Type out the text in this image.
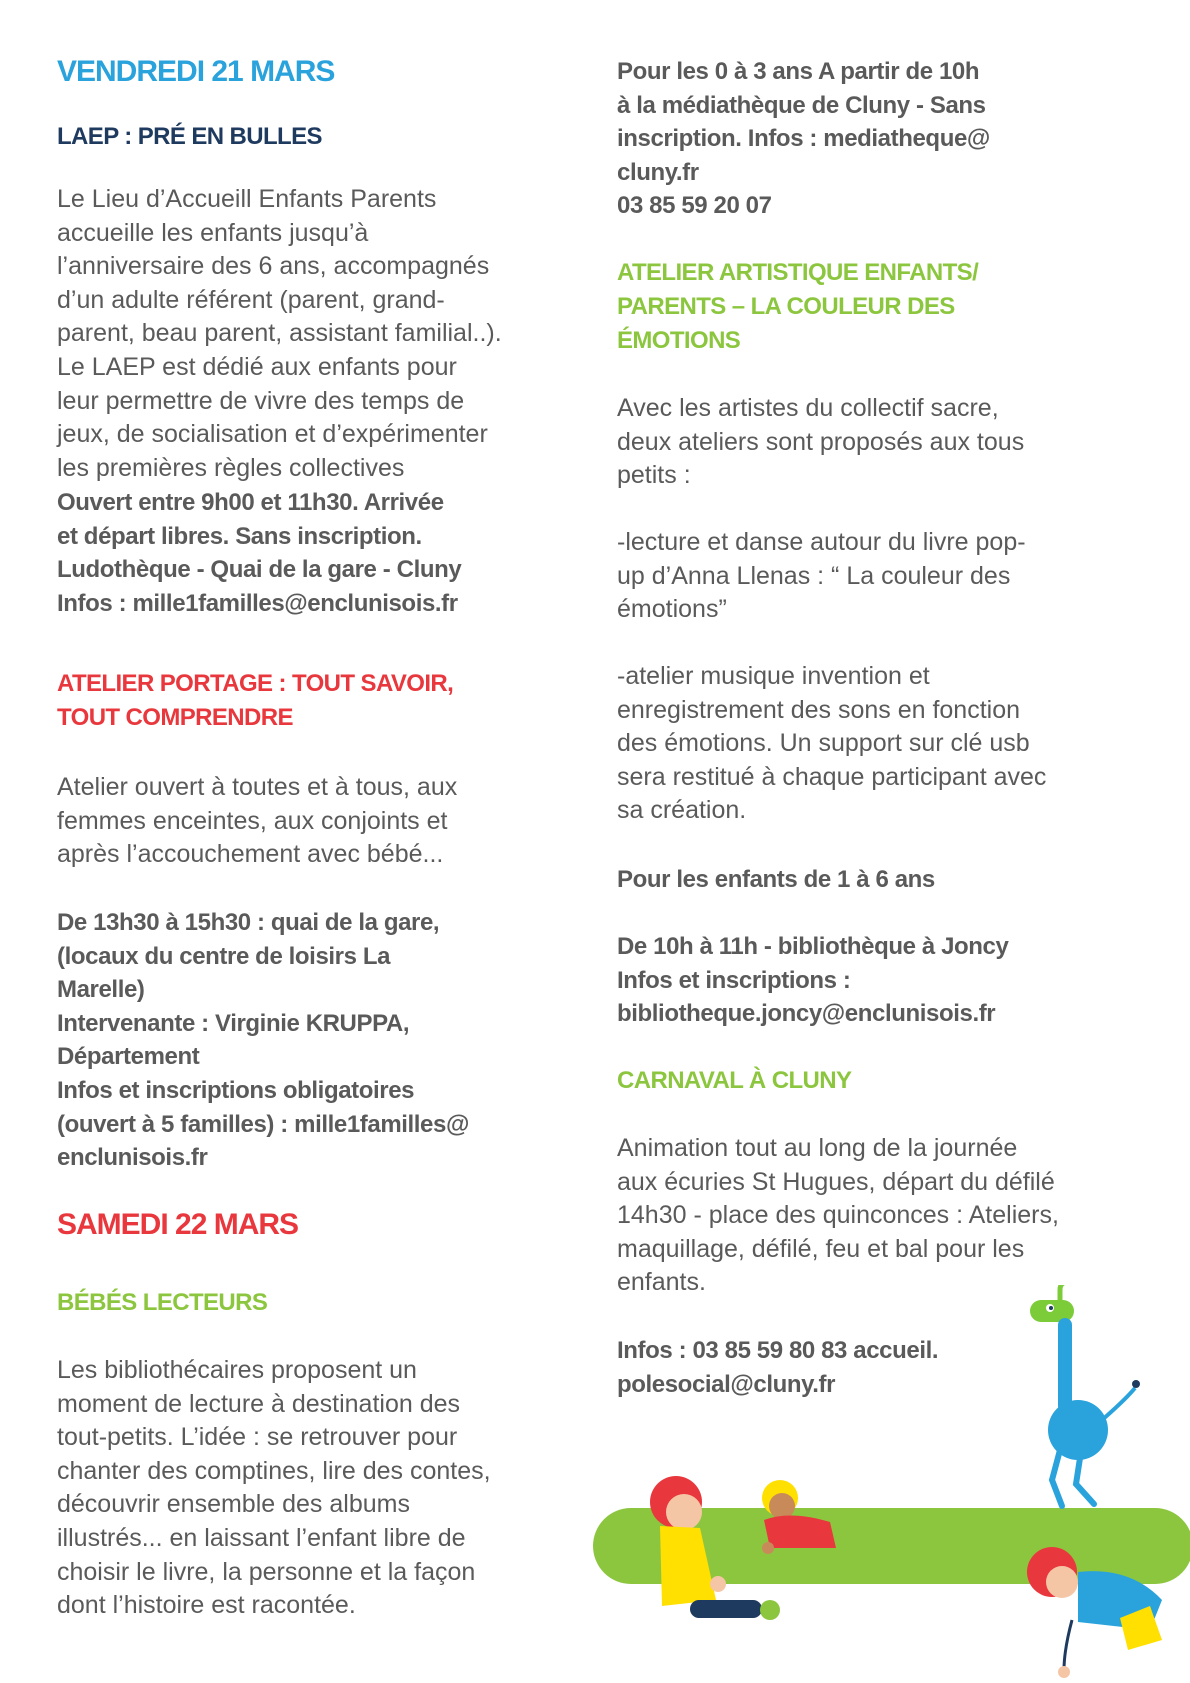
VENDREDI 21 MARS
LAEP : PRÉ EN BULLES
Le Lieu d’Accueill Enfants Parents
accueille les enfants jusqu’à
l’anniversaire des 6 ans, accompagnés
d’un adulte référent (parent, grand-
parent, beau parent, assistant familial..).
Le LAEP est dédié aux enfants pour
leur permettre de vivre des temps de
jeux, de socialisation et d’expérimenter
les premières règles collectives
Ouvert entre 9h00 et 11h30. Arrivée
et départ libres. Sans inscription.
Ludothèque - Quai de la gare - Cluny
Infos : mille1familles@enclunisois.fr
ATELIER PORTAGE : TOUT SAVOIR,
TOUT COMPRENDRE
Atelier ouvert à toutes et à tous, aux
femmes enceintes, aux conjoints et
après l’accouchement avec bébé...
De 13h30 à 15h30 : quai de la gare,
(locaux du centre de loisirs La
Marelle)
Intervenante : Virginie KRUPPA,
Département
Infos et inscriptions obligatoires
(ouvert à 5 familles) : mille1familles@
enclunisois.fr
SAMEDI 22 MARS
BÉBÉS LECTEURS
Les bibliothécaires proposent un
moment de lecture à destination des
tout-petits. L’idée : se retrouver pour
chanter des comptines, lire des contes,
découvrir ensemble des albums
illustrés... en laissant l’enfant libre de
choisir le livre, la personne et la façon
dont l’histoire est racontée.
Pour les 0 à 3 ans A partir de 10h
à la médiathèque de Cluny - Sans
inscription. Infos : mediatheque@
cluny.fr
03 85 59 20 07
ATELIER ARTISTIQUE ENFANTS/
PARENTS – LA COULEUR DES
ÉMOTIONS
Avec les artistes du collectif sacre,
deux ateliers sont proposés aux tous
petits :
-lecture et danse autour du livre pop-
up d’Anna Llenas : “ La couleur des
émotions”
-atelier musique invention et
enregistrement des sons en fonction
des émotions. Un support sur clé usb
sera restitué à chaque participant avec
sa création.
Pour les enfants de 1 à 6 ans
De 10h à 11h - bibliothèque à Joncy
Infos et inscriptions :
bibliotheque.joncy@enclunisois.fr
CARNAVAL À CLUNY
Animation tout au long de la journée
aux écuries St Hugues, départ du défilé
14h30 - place des quinconces : Ateliers,
maquillage, défilé, feu et bal pour les
enfants.
Infos : 03 85 59 80 83 accueil.
polesocial@cluny.fr
